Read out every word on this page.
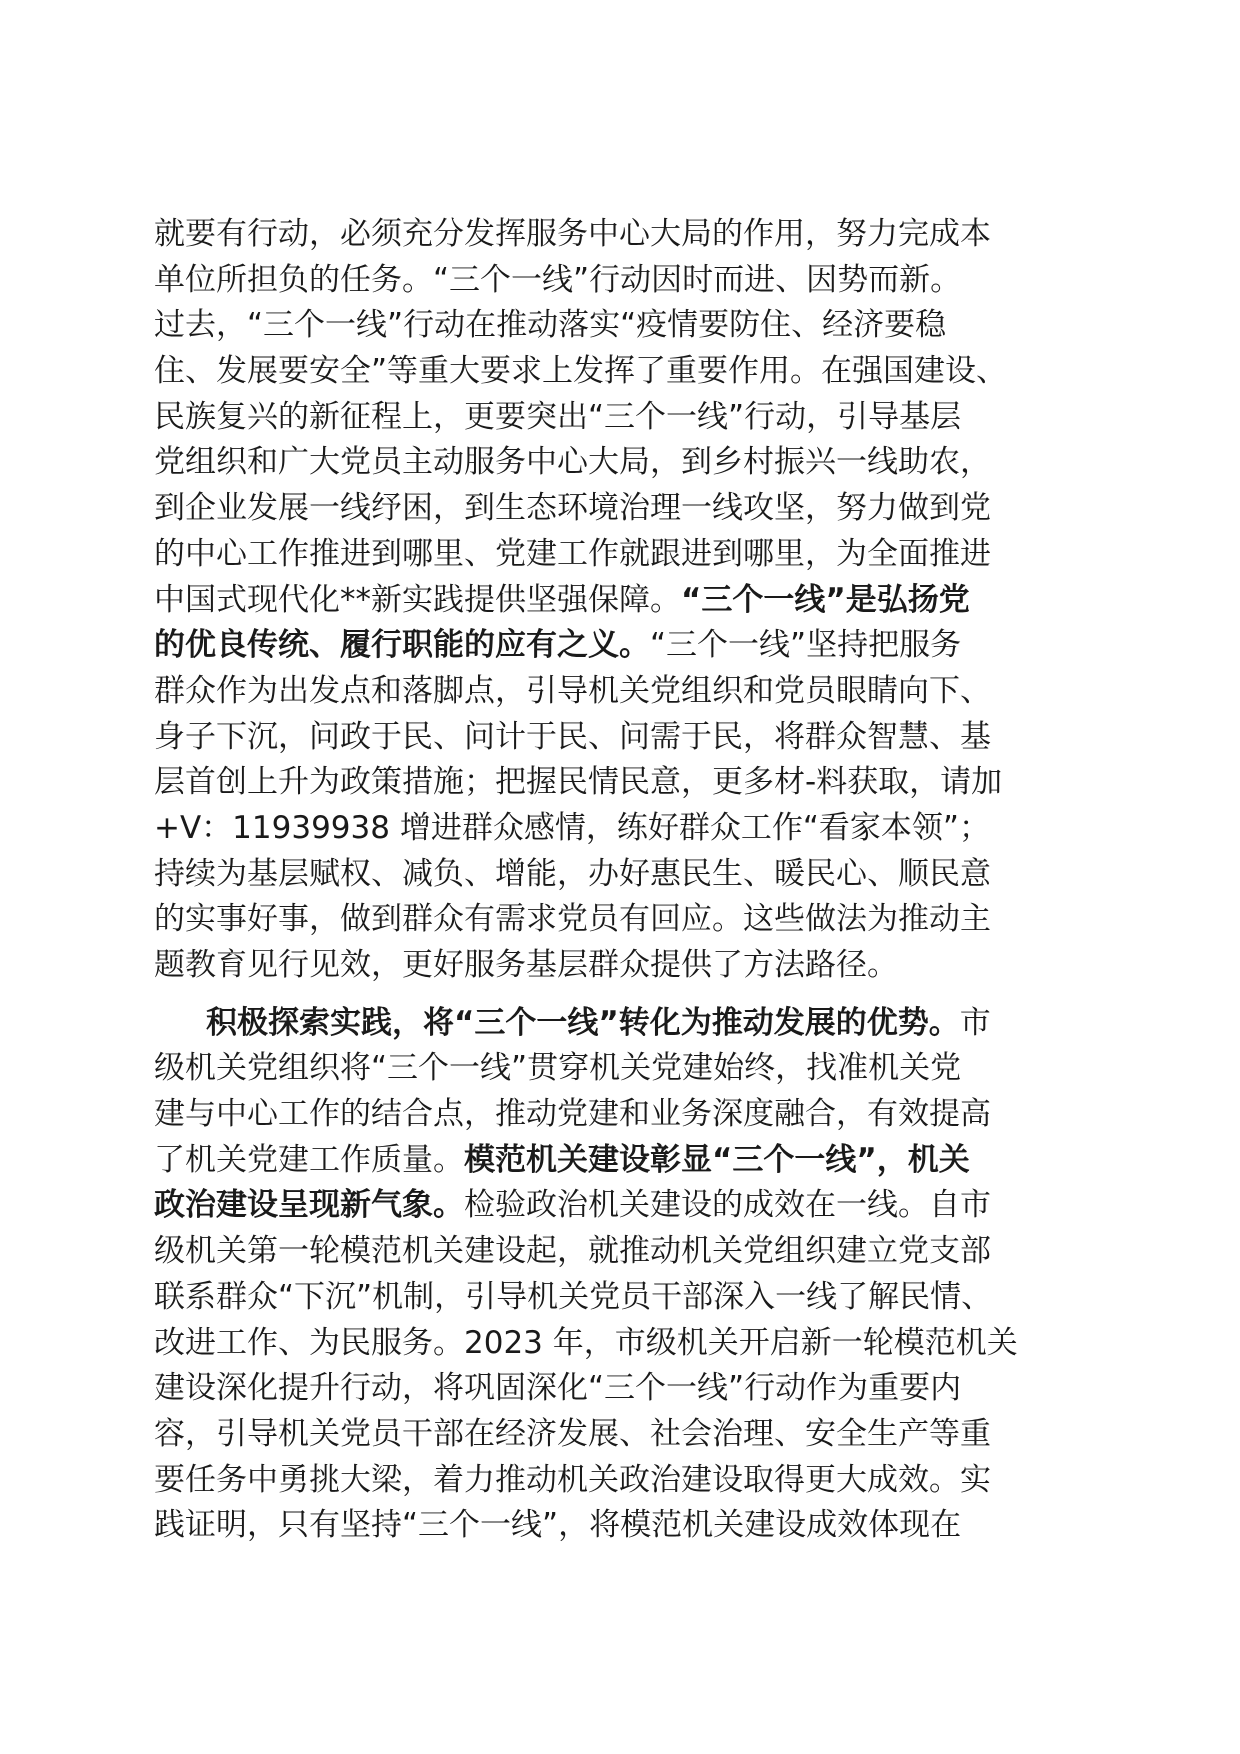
就要有行动，必须充分发挥服务中心大局的作用，努力完成本
单位所担负的任务。“三个一线”行动因时而进、因势而新。
过去，“三个一线”行动在推动落实“疫情要防住、经济要稳
住、发展要安全”等重大要求上发挥了重要作用。在强国建设、
民族复兴的新征程上，更要突出“三个一线”行动，引导基层
党组织和广大党员主动服务中心大局，到乡村振兴一线助农，
到企业发展一线纾困，到生态环境治理一线攻坚，努力做到党
的中心工作推进到哪里、党建工作就跟进到哪里，为全面推进
中国式现代化**新实践提供坚强保障。“三个一线”是弘扬党
的优良传统、履行职能的应有之义。“三个一线”坚持把服务
群众作为出发点和落脚点，引导机关党组织和党员眼睛向下、
身子下沉，问政于民、问计于民、问需于民，将群众智慧、基
层首创上升为政策措施；把握民情民意，更多材-料获取，请加
+V：11939938 增进群众感情，练好群众工作“看家本领”；
持续为基层赋权、减负、增能，办好惠民生、暖民心、顺民意
的实事好事，做到群众有需求党员有回应。这些做法为推动主
题教育见行见效，更好服务基层群众提供了方法路径。
积极探索实践，将“三个一线”转化为推动发展的优势。市
级机关党组织将“三个一线”贯穿机关党建始终，找准机关党
建与中心工作的结合点，推动党建和业务深度融合，有效提高
了机关党建工作质量。模范机关建设彰显“三个一线”，机关
政治建设呈现新气象。检验政治机关建设的成效在一线。自市
级机关第一轮模范机关建设起，就推动机关党组织建立党支部
联系群众“下沉”机制，引导机关党员干部深入一线了解民情、
改进工作、为民服务。2023 年，市级机关开启新一轮模范机关
建设深化提升行动，将巩固深化“三个一线”行动作为重要内
容，引导机关党员干部在经济发展、社会治理、安全生产等重
要任务中勇挑大梁，着力推动机关政治建设取得更大成效。实
践证明，只有坚持“三个一线”，将模范机关建设成效体现在
